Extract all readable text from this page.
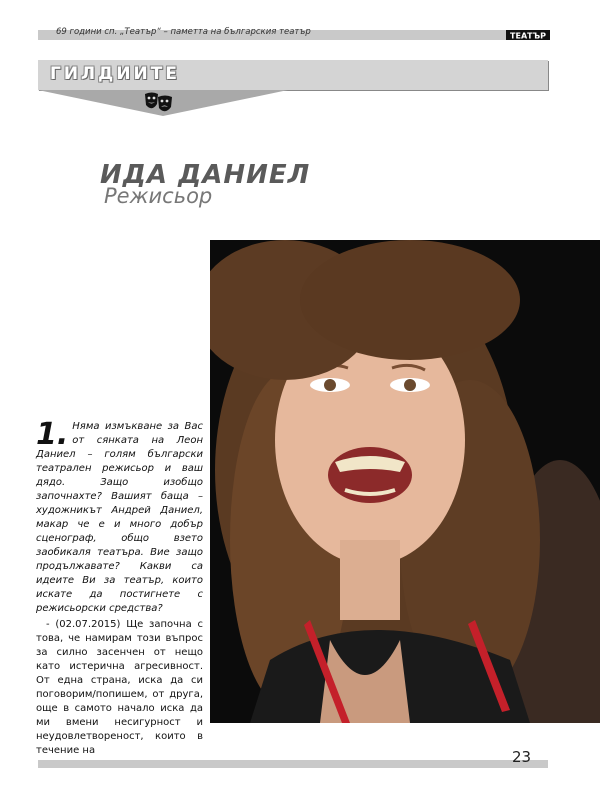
69 години сп. „Театър“ – паметта на българския театър	ТЕАТЪР
ГИЛДИИТЕ
ИДА ДАНИЕЛ
Режисьор
1. Няма измъкване за Вас от сянката на Леон Даниел – голям български театрален режисьор и ваш дядо. Защо изобщо започнахте? Вашият баща – художникът Андрей Даниел, макар че е и много добър сценограф, общо взето заобикаля театъра. Вие защо продължавате? Какви са идеите Ви за театър, които искате да постигнете с режисьорски средства?
- (02.07.2015) Ще започна с това, че намирам този въпрос за силно засенчен от нещо като истерична агресивност. От една страна, иска да си поговорим/попишем, от друга, още в самото начало иска да ми вмени несигурност и неудовлетвореност, които в течение на	23
